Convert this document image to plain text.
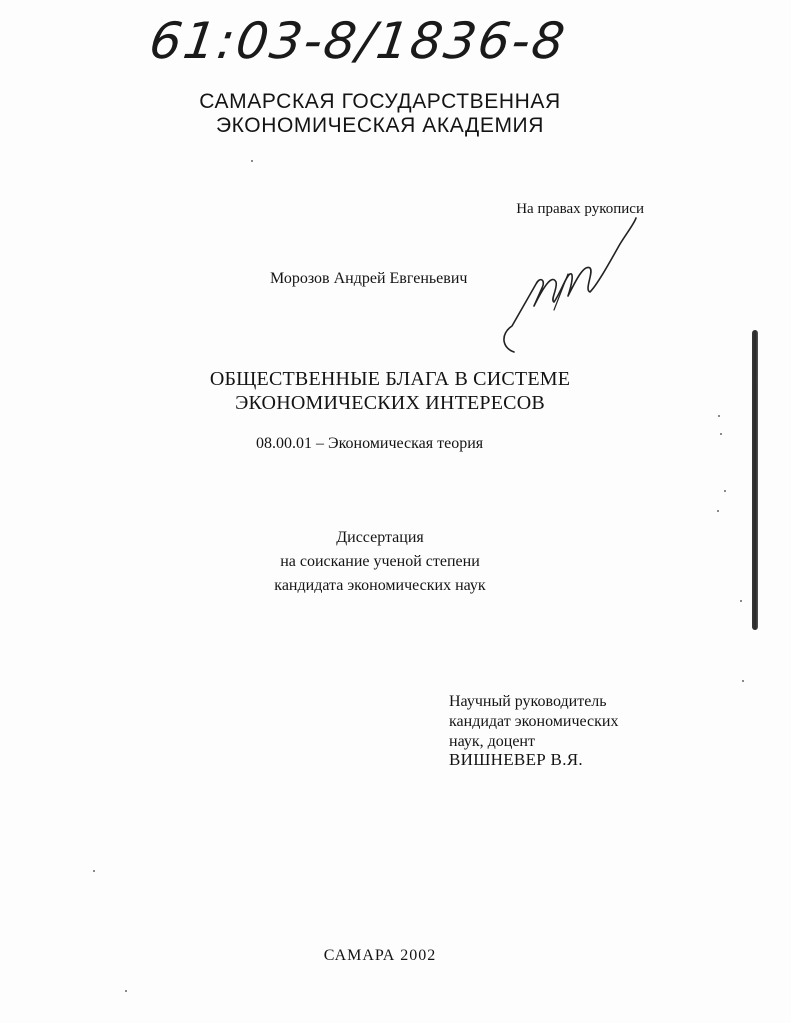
61:03-8/1836-8
САМАРСКАЯ ГОСУДАРСТВЕННАЯ
ЭКОНОМИЧЕСКАЯ АКАДЕМИЯ
На правах рукописи
Морозов Андрей Евгеньевич
ОБЩЕСТВЕННЫЕ БЛАГА В СИСТЕМЕ
ЭКОНОМИЧЕСКИХ ИНТЕРЕСОВ
08.00.01 – Экономическая теория
Диссертация
на соискание ученой степени
кандидата экономических наук
Научный руководитель
кандидат экономических
наук, доцент
ВИШНЕВЕР В.Я.
САМАРА 2002
